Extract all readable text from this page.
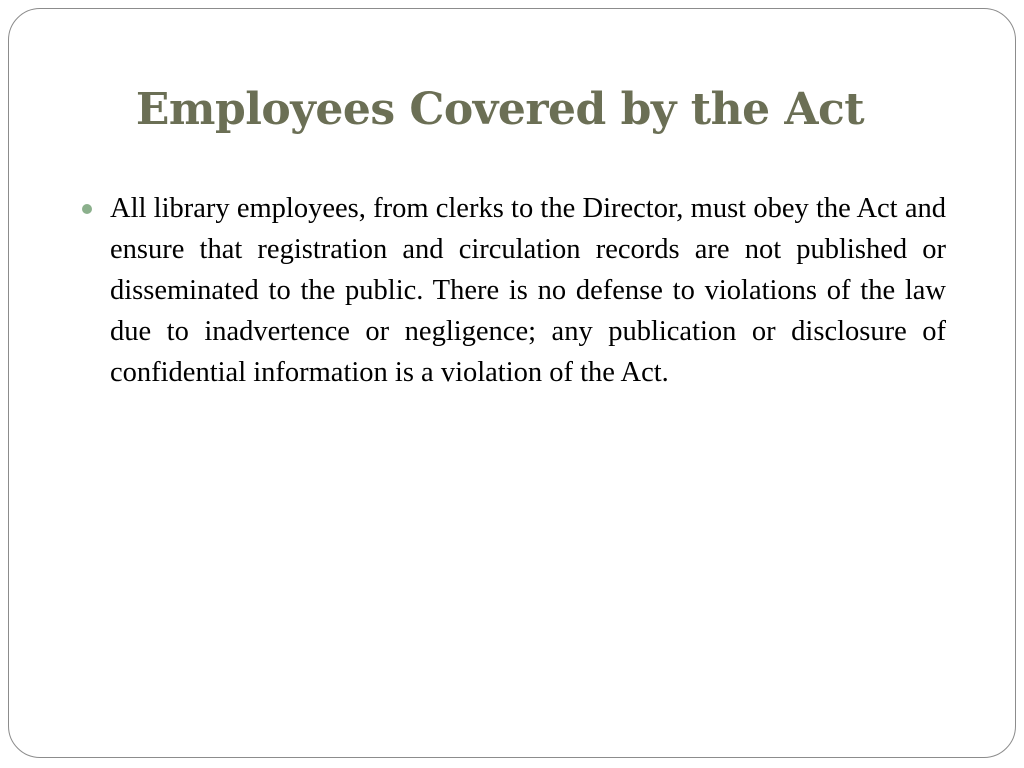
Employees Covered by the Act

All library employees, from clerks to the Director, must obey the Act and ensure that registration and circulation records are not published or disseminated to the public. There is no defense to violations of the law due to inadvertence or negligence; any publication or disclosure of confidential information is a violation of the Act.
